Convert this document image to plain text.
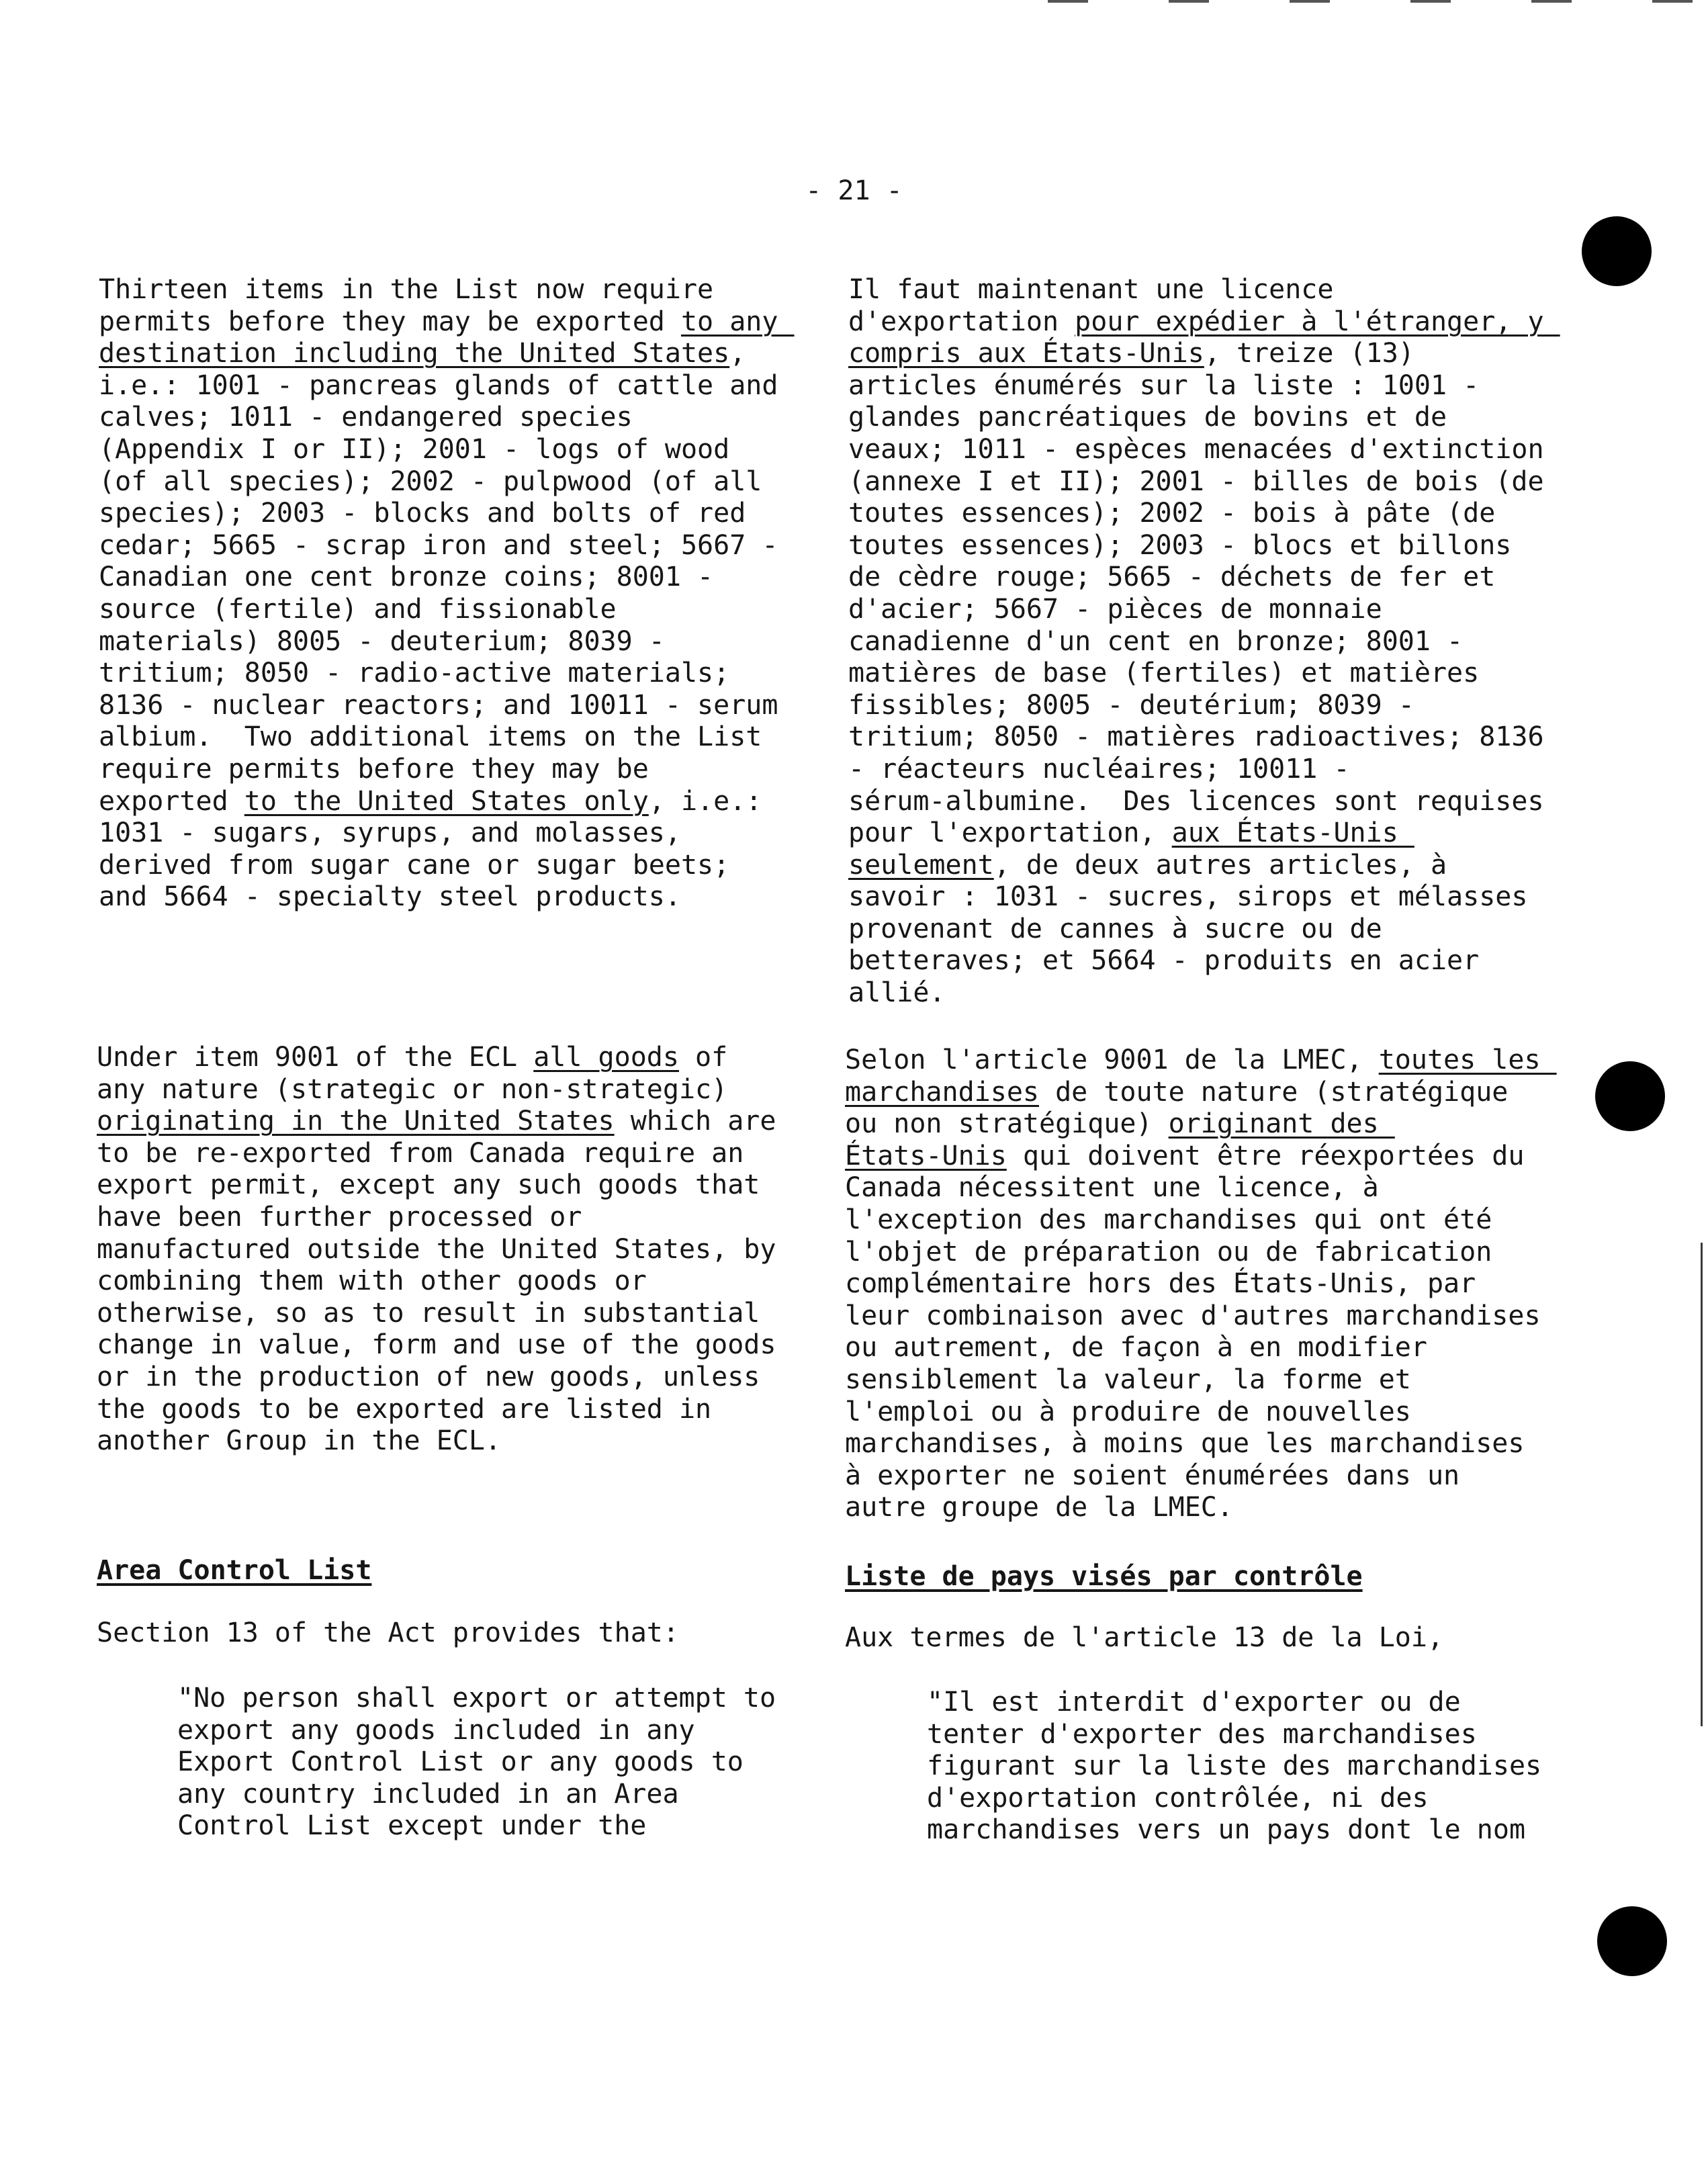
- 21 -
Thirteen items in the List now require
permits before they may be exported to any
destination including the United States,
i.e.: 1001 - pancreas glands of cattle and
calves; 1011 - endangered species
(Appendix I or II); 2001 - logs of wood
(of all species); 2002 - pulpwood (of all
species); 2003 - blocks and bolts of red
cedar; 5665 - scrap iron and steel; 5667 -
Canadian one cent bronze coins; 8001 -
source (fertile) and fissionable
materials) 8005 - deuterium; 8039 -
tritium; 8050 - radio-active materials;
8136 - nuclear reactors; and 10011 - serum
albium.  Two additional items on the List
require permits before they may be
exported to the United States only, i.e.:
1031 - sugars, syrups, and molasses,
derived from sugar cane or sugar beets;
and 5664 - specialty steel products.
Under item 9001 of the ECL all goods of
any nature (strategic or non-strategic)
originating in the United States which are
to be re-exported from Canada require an
export permit, except any such goods that
have been further processed or
manufactured outside the United States, by
combining them with other goods or
otherwise, so as to result in substantial
change in value, form and use of the goods
or in the production of new goods, unless
the goods to be exported are listed in
another Group in the ECL.
Area Control List
Section 13 of the Act provides that:
"No person shall export or attempt to
export any goods included in any
Export Control List or any goods to
any country included in an Area
Control List except under the
Il faut maintenant une licence
d'exportation pour expédier à l'étranger, y
compris aux États-Unis, treize (13)
articles énumérés sur la liste : 1001 -
glandes pancréatiques de bovins et de
veaux; 1011 - espèces menacées d'extinction
(annexe I et II); 2001 - billes de bois (de
toutes essences); 2002 - bois à pâte (de
toutes essences); 2003 - blocs et billons
de cèdre rouge; 5665 - déchets de fer et
d'acier; 5667 - pièces de monnaie
canadienne d'un cent en bronze; 8001 -
matières de base (fertiles) et matières
fissibles; 8005 - deutérium; 8039 -
tritium; 8050 - matières radioactives; 8136
- réacteurs nucléaires; 10011 -
sérum-albumine.  Des licences sont requises
pour l'exportation, aux États-Unis
seulement, de deux autres articles, à
savoir : 1031 - sucres, sirops et mélasses
provenant de cannes à sucre ou de
betteraves; et 5664 - produits en acier
allié.
Selon l'article 9001 de la LMEC, toutes les
marchandises de toute nature (stratégique
ou non stratégique) originant des
États-Unis qui doivent être réexportées du
Canada nécessitent une licence, à
l'exception des marchandises qui ont été
l'objet de préparation ou de fabrication
complémentaire hors des États-Unis, par
leur combinaison avec d'autres marchandises
ou autrement, de façon à en modifier
sensiblement la valeur, la forme et
l'emploi ou à produire de nouvelles
marchandises, à moins que les marchandises
à exporter ne soient énumérées dans un
autre groupe de la LMEC.
Liste de pays visés par contrôle
Aux termes de l'article 13 de la Loi,
"Il est interdit d'exporter ou de
tenter d'exporter des marchandises
figurant sur la liste des marchandises
d'exportation contrôlée, ni des
marchandises vers un pays dont le nom
